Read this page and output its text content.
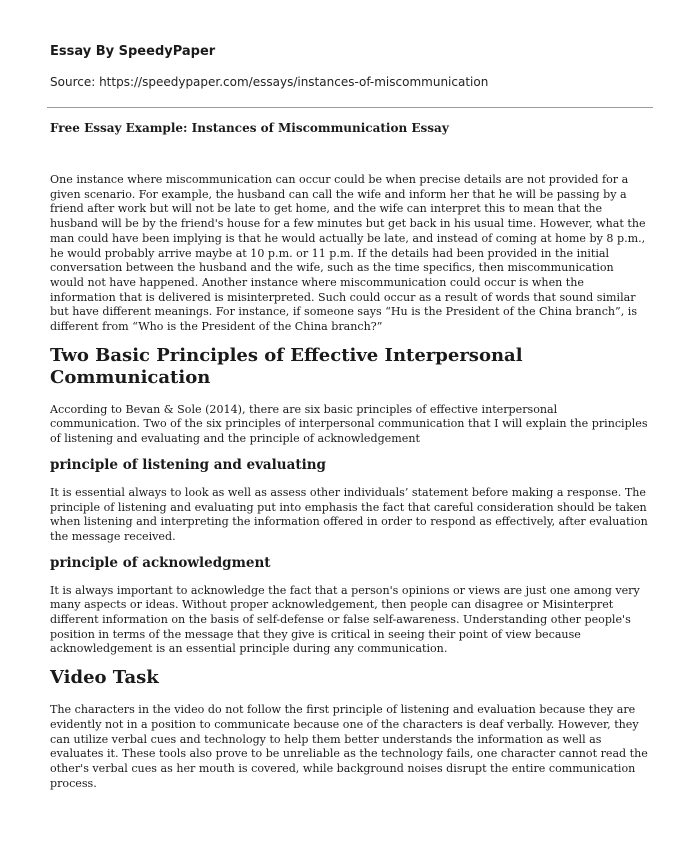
Essay By SpeedyPaper
Source: https://speedypaper.com/essays/instances-of-miscommunication
Free Essay Example: Instances of Miscommunication Essay

One instance where miscommunication can occur could be when precise details are not provided for a given scenario. For example, the husband can call the wife and inform her that he will be passing by a friend after work but will not be late to get home, and the wife can interpret this to mean that the husband will be by the friend's house for a few minutes but get back in his usual time. However, what the man could have been implying is that he would actually be late, and instead of coming at home by 8 p.m., he would probably arrive maybe at 10 p.m. or 11 p.m. If the details had been provided in the initial conversation between the husband and the wife, such as the time specifics, then miscommunication would not have happened. Another instance where miscommunication could occur is when the information that is delivered is misinterpreted. Such could occur as a result of words that sound similar but have different meanings. For instance, if someone says “Hu is the President of the China branch”, is different from “Who is the President of the China branch?”

Two Basic Principles of Effective Interpersonal Communication

According to Bevan & Sole (2014), there are six basic principles of effective interpersonal communication. Two of the six principles of interpersonal communication that I will explain the principles of listening and evaluating and the principle of acknowledgement

principle of listening and evaluating

It is essential always to look as well as assess other individuals’ statement before making a response. The principle of listening and evaluating put into emphasis the fact that careful consideration should be taken when listening and interpreting the information offered in order to respond as effectively, after evaluation the message received.

principle of acknowledgment

It is always important to acknowledge the fact that a person's opinions or views are just one among very many aspects or ideas. Without proper acknowledgement, then people can disagree or Misinterpret different information on the basis of self-defense or false self-awareness. Understanding other people's position in terms of the message that they give is critical in seeing their point of view because acknowledgement is an essential principle during any communication.

Video Task

The characters in the video do not follow the first principle of listening and evaluation because they are evidently not in a position to communicate because one of the characters is deaf verbally. However, they can utilize verbal cues and technology to help them better understands the information as well as evaluates it. These tools also prove to be unreliable as the technology fails, one character cannot read the other's verbal cues as her mouth is covered, while background noises disrupt the entire communication process.
